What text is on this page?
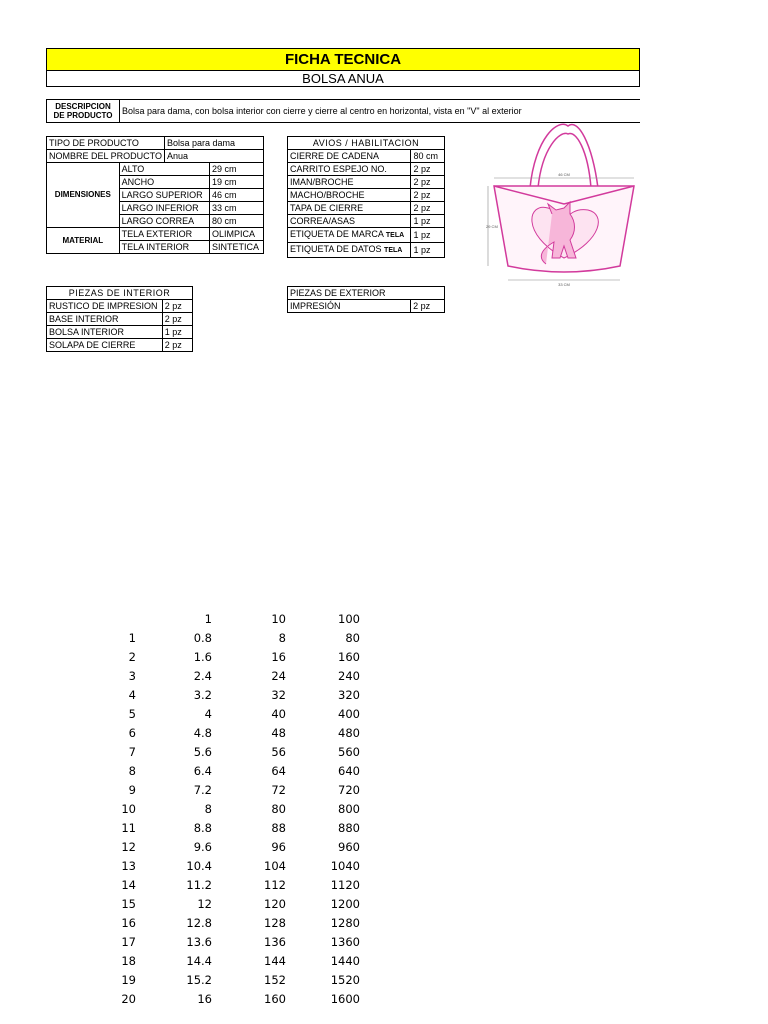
FICHA TECNICA
BOLSA ANUA
DESCRIPCION DE PRODUCTO	Bolsa para dama, con bolsa interior con cierre y cierre al centro en horizontal, vista en "V" al exterior
TIPO DE PRODUCTO		Bolsa para dama	
NOMBRE DEL PRODUCTO		Anua	
DIMENSIONES	ALTO		29 cm
	ANCHO		19 cm
	LARGO SUPERIOR		46 cm
	LARGO INFERIOR		33 cm
	LARGO CORREA		80 cm
MATERIAL	TELA EXTERIOR		OLIMPICA
	TELA INTERIOR		SINTETICA
AVIOS / HABILITACION	
CIERRE DE CADENA	80 cm
CARRITO ESPEJO NO.	2 pz
IMAN/BROCHE	2 pz
MACHO/BROCHE	2 pz
TAPA DE CIERRE	2 pz
CORREA/ASAS	1 pz
ETIQUETA DE MARCA TELA	1 pz
ETIQUETA DE DATOS TELA	1 pz
46 CM
29 CM
33 CM
PIEZAS DE INTERIOR	
RUSTICO DE IMPRESION	2 pz
BASE INTERIOR	2 pz
BOLSA INTERIOR	1 pz
SOLAPA DE CIERRE	2 pz
PIEZAS DE EXTERIOR
IMPRESIÓN	2 pz
	1	10	100
1	0.8	8	80
2	1.6	16	160
3	2.4	24	240
4	3.2	32	320
5	4	40	400
6	4.8	48	480
7	5.6	56	560
8	6.4	64	640
9	7.2	72	720
10	8	80	800
11	8.8	88	880
12	9.6	96	960
13	10.4	104	1040
14	11.2	112	1120
15	12	120	1200
16	12.8	128	1280
17	13.6	136	1360
18	14.4	144	1440
19	15.2	152	1520
20	16	160	1600
